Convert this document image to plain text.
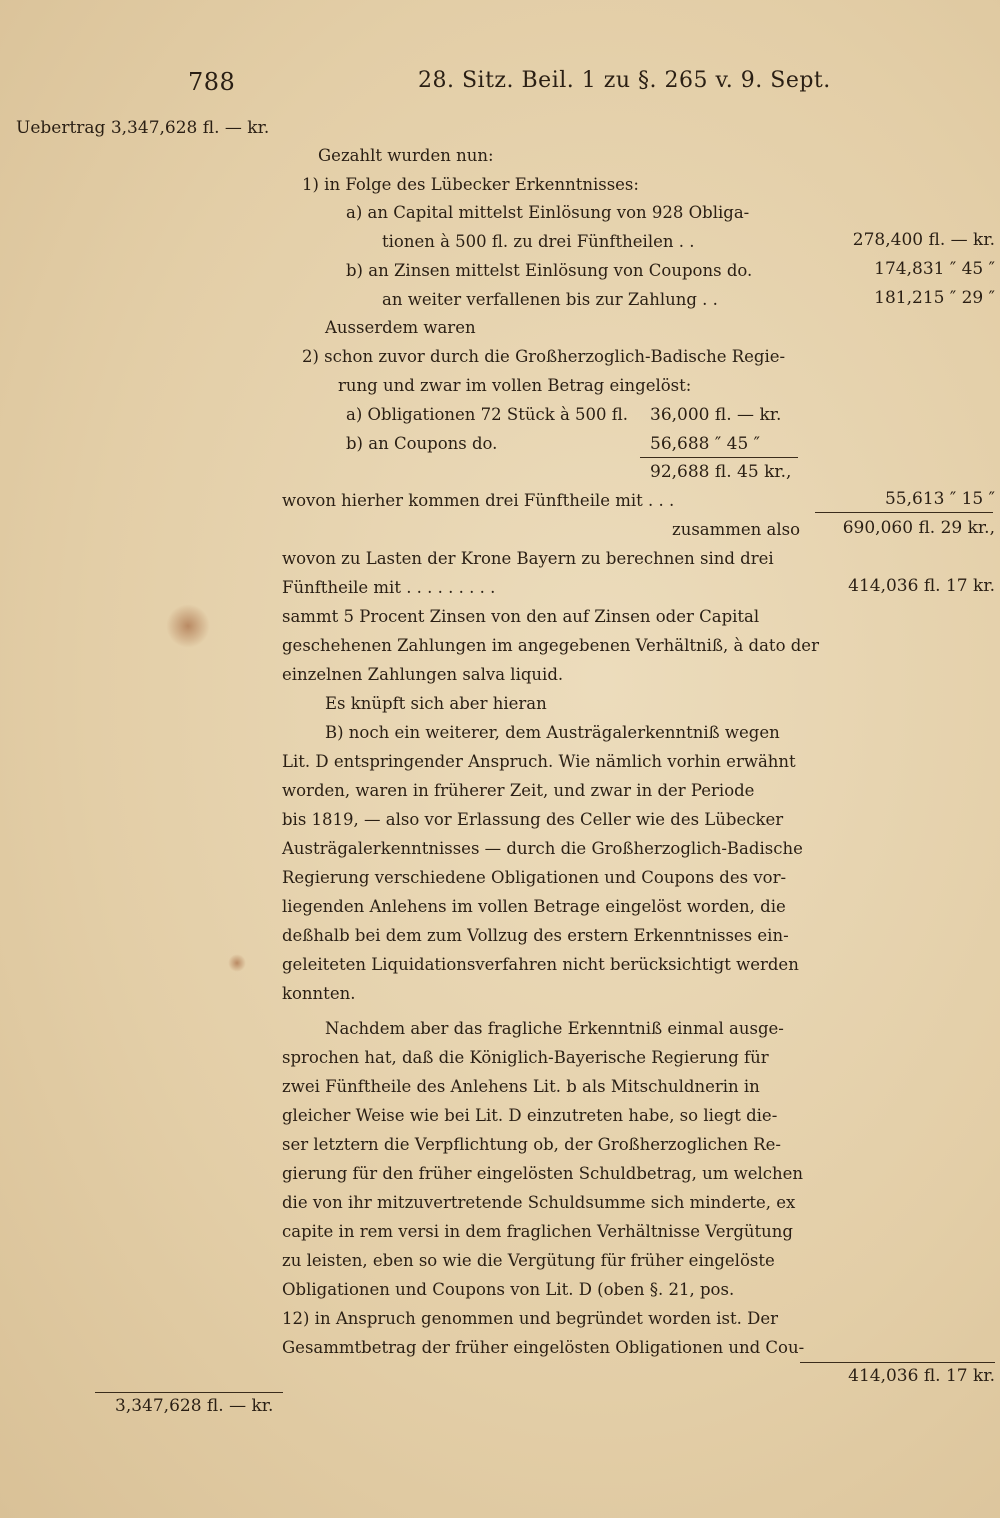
788	28. Sitz. Beil. 1 zu §. 265 v. 9. Sept.
Uebertrag 3,347,628 fl. — kr.
3,347,628 fl. — kr.
Gezahlt wurden nun:
1) in Folge des Lübecker Erkenntnisses:
a) an Capital mittelst Einlösung von 928 Obliga-
tionen à 500 fl. zu drei Fünftheilen . .
b) an Zinsen mittelst Einlösung von Coupons do.
an weiter verfallenen bis zur Zahlung . .
Ausserdem waren
2) schon zuvor durch die Großherzoglich-Badische Regie-
rung und zwar im vollen Betrag eingelöst:
a) Obligationen 72 Stück à 500 fl.
b) an Coupons do.
36,000 fl. — kr.
56,688 ″ 45 ″
92,688 fl. 45 kr.,
wovon hierher kommen drei Fünftheile mit . . .
zusammen also
wovon zu Lasten der Krone Bayern zu berechnen sind drei
Fünftheile mit . . . . . . . . .
sammt 5 Procent Zinsen von den auf Zinsen oder Capital
geschehenen Zahlungen im angegebenen Verhältniß, à dato der
einzelnen Zahlungen salva liquid.
Es knüpft sich aber hieran
B) noch ein weiterer, dem Austrägalerkenntniß wegen
Lit. D entspringender Anspruch. Wie nämlich vorhin erwähnt
worden, waren in früherer Zeit, und zwar in der Periode
bis 1819, — also vor Erlassung des Celler wie des Lübecker
Austrägalerkenntnisses — durch die Großherzoglich-Badische
Regierung verschiedene Obligationen und Coupons des vor-
liegenden Anlehens im vollen Betrage eingelöst worden, die
deßhalb bei dem zum Vollzug des erstern Erkenntnisses ein-
geleiteten Liquidationsverfahren nicht berücksichtigt werden
konnten.
Nachdem aber das fragliche Erkenntniß einmal ausge-
sprochen hat, daß die Königlich-Bayerische Regierung für
zwei Fünftheile des Anlehens Lit. b als Mitschuldnerin in
gleicher Weise wie bei Lit. D einzutreten habe, so liegt die-
ser letztern die Verpflichtung ob, der Großherzoglichen Re-
gierung für den früher eingelösten Schuldbetrag, um welchen
die von ihr mitzuvertretende Schuldsumme sich minderte, ex
capite in rem versi in dem fraglichen Verhältnisse Vergütung
zu leisten, eben so wie die Vergütung für früher eingelöste
Obligationen und Coupons von Lit. D (oben §. 21, pos.
12) in Anspruch genommen und begründet worden ist. Der
Gesammtbetrag der früher eingelösten Obligationen und Cou-
278,400 fl. — kr.
174,831 ″ 45 ″
181,215 ″ 29 ″
55,613 ″ 15 ″
690,060 fl. 29 kr.,
414,036 fl. 17 kr.
414,036 fl. 17 kr.
